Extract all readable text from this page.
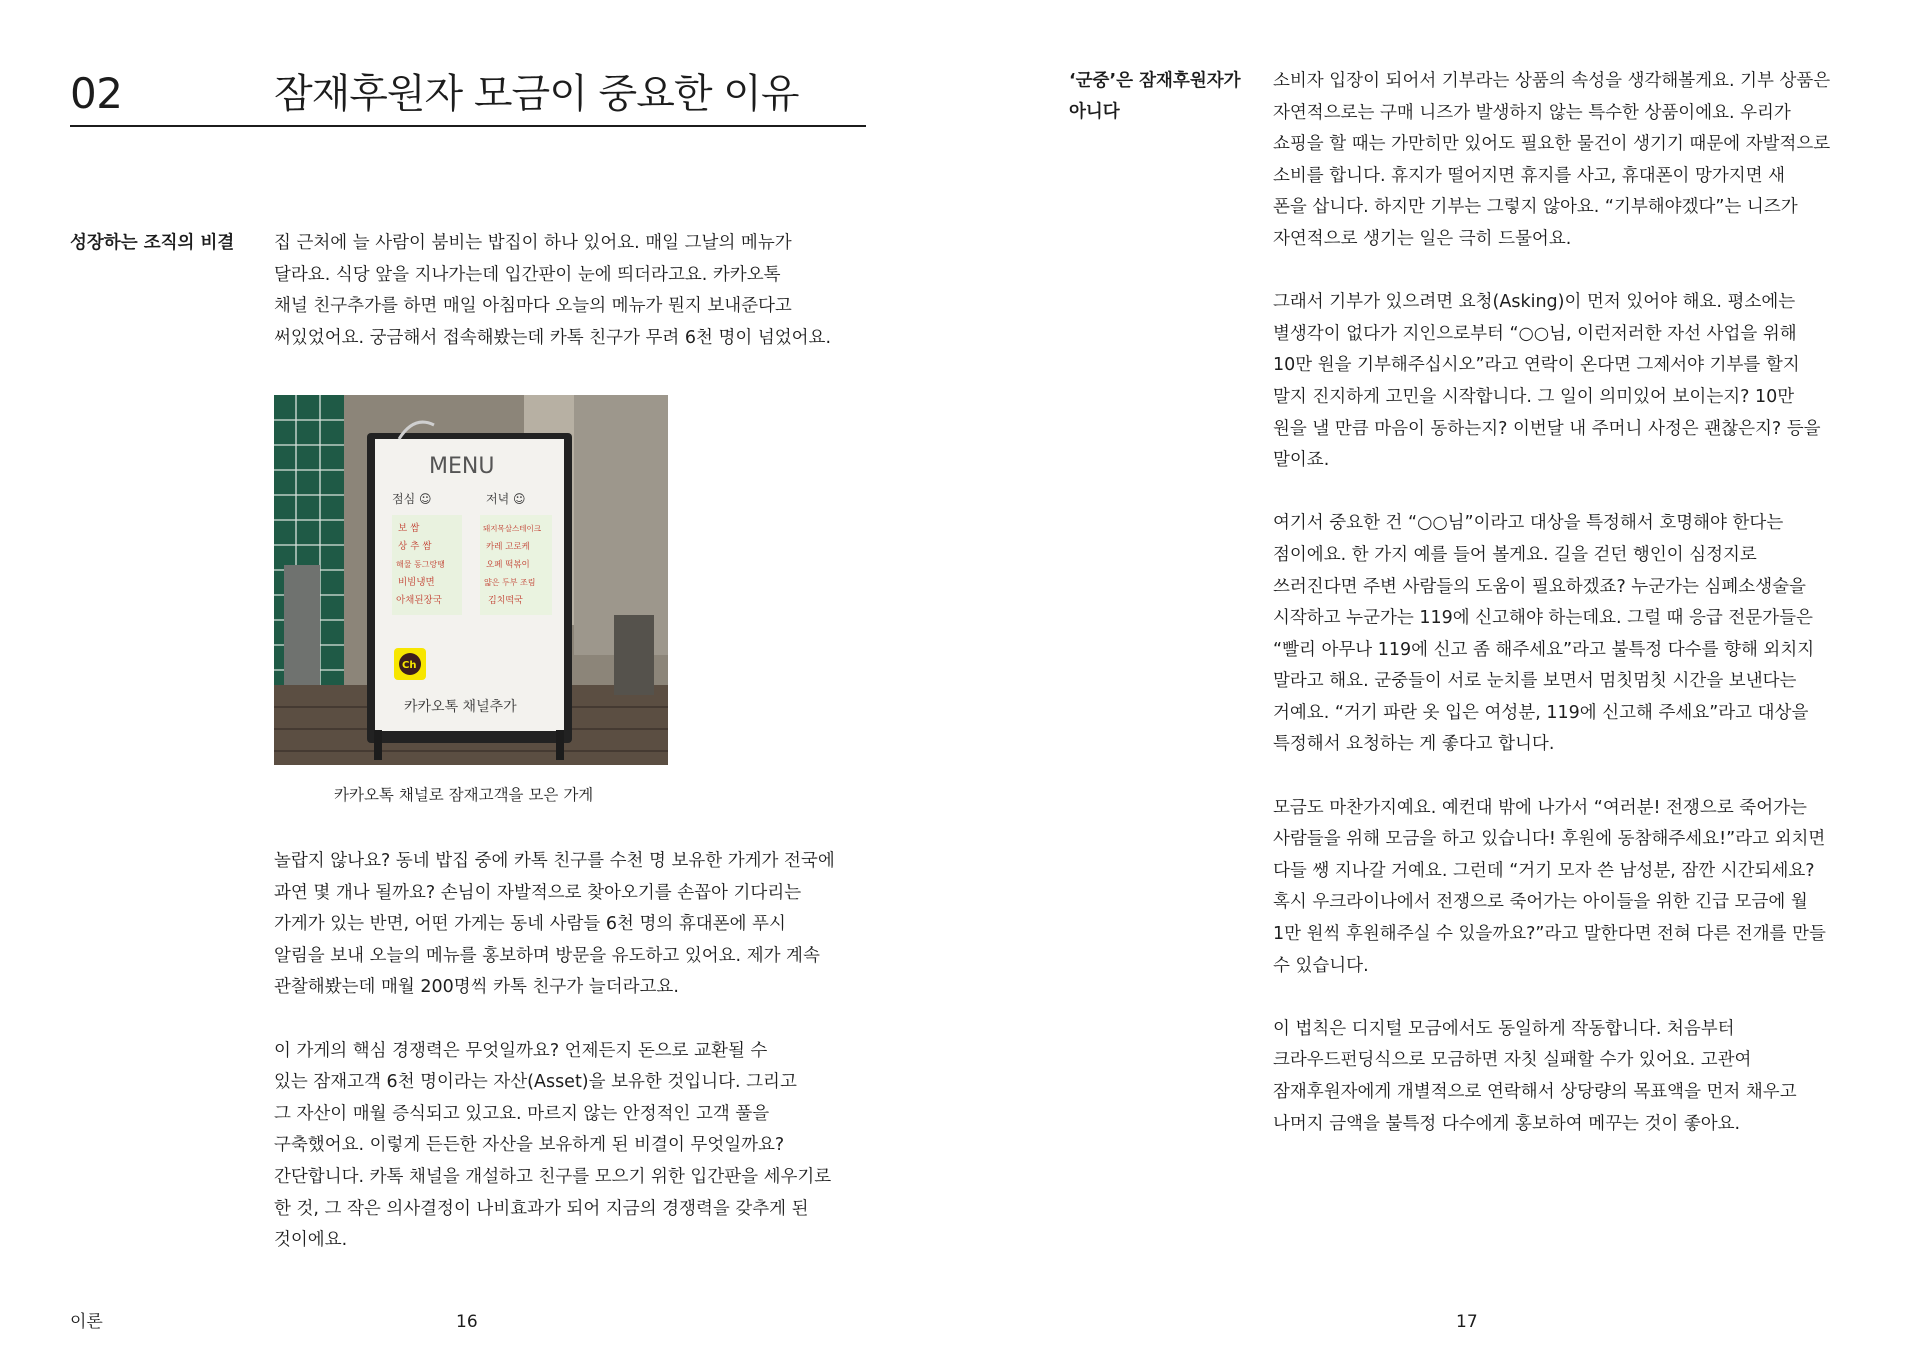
02	잠재후원자 모금이 중요한 이유
성장하는 조직의 비결 집 근처에 늘 사람이 붐비는 밥집이 하나 있어요. 매일 그날의 메뉴가
달라요. 식당 앞을 지나가는데 입간판이 눈에 띄더라고요. 카카오톡
채널 친구추가를 하면 매일 아침마다 오늘의 메뉴가 뭔지 보내준다고
써있었어요. 궁금해서 접속해봤는데 카톡 친구가 무려 6천 명이 넘었어요.
MENU
점심 ☺	저녁 ☺
보 쌈
상 추 쌈
해물 동그랑땡
비빔냉면
아채된장국
돼지목살스테이크
카레 고로케
오페 떡볶이
얇은 두부 조림
김치떡국
Ch
카카오톡 채널추가
카카오톡 채널로 잠재고객을 모은 가게

놀랍지 않나요? 동네 밥집 중에 카톡 친구를 수천 명 보유한 가게가 전국에
과연 몇 개나 될까요? 손님이 자발적으로 찾아오기를 손꼽아 기다리는
가게가 있는 반면, 어떤 가게는 동네 사람들 6천 명의 휴대폰에 푸시
알림을 보내 오늘의 메뉴를 홍보하며 방문을 유도하고 있어요. 제가 계속
관찰해봤는데 매월 200명씩 카톡 친구가 늘더라고요.

이 가게의 핵심 경쟁력은 무엇일까요? 언제든지 돈으로 교환될 수
있는 잠재고객 6천 명이라는 자산(Asset)을 보유한 것입니다. 그리고
그 자산이 매월 증식되고 있고요. 마르지 않는 안정적인 고객 풀을
구축했어요. 이렇게 든든한 자산을 보유하게 된 비결이 무엇일까요?
간단합니다. 카톡 채널을 개설하고 친구를 모으기 위한 입간판을 세우기로
한 것, 그 작은 의사결정이 나비효과가 되어 지금의 경쟁력을 갖추게 된
것이에요.

이론	16
‘군중’은 잠재후원자가
아니다

소비자 입장이 되어서 기부라는 상품의 속성을 생각해볼게요. 기부 상품은
자연적으로는 구매 니즈가 발생하지 않는 특수한 상품이에요. 우리가
쇼핑을 할 때는 가만히만 있어도 필요한 물건이 생기기 때문에 자발적으로
소비를 합니다. 휴지가 떨어지면 휴지를 사고, 휴대폰이 망가지면 새
폰을 삽니다. 하지만 기부는 그렇지 않아요. “기부해야겠다”는 니즈가
자연적으로 생기는 일은 극히 드물어요.

그래서 기부가 있으려면 요청(Asking)이 먼저 있어야 해요. 평소에는
별생각이 없다가 지인으로부터 “○○님, 이런저러한 자선 사업을 위해
10만 원을 기부해주십시오”라고 연락이 온다면 그제서야 기부를 할지
말지 진지하게 고민을 시작합니다. 그 일이 의미있어 보이는지? 10만
원을 낼 만큼 마음이 동하는지? 이번달 내 주머니 사정은 괜찮은지? 등을
말이죠.

여기서 중요한 건 “○○님”이라고 대상을 특정해서 호명해야 한다는
점이에요. 한 가지 예를 들어 볼게요. 길을 걷던 행인이 심정지로
쓰러진다면 주변 사람들의 도움이 필요하겠죠? 누군가는 심폐소생술을
시작하고 누군가는 119에 신고해야 하는데요. 그럴 때 응급 전문가들은
“빨리 아무나 119에 신고 좀 해주세요”라고 불특정 다수를 향해 외치지
말라고 해요. 군중들이 서로 눈치를 보면서 멈칫멈칫 시간을 보낸다는
거예요. “거기 파란 옷 입은 여성분, 119에 신고해 주세요”라고 대상을
특정해서 요청하는 게 좋다고 합니다.

모금도 마찬가지예요. 예컨대 밖에 나가서 “여러분! 전쟁으로 죽어가는
사람들을 위해 모금을 하고 있습니다! 후원에 동참해주세요!”라고 외치면
다들 쌩 지나갈 거예요. 그런데 “거기 모자 쓴 남성분, 잠깐 시간되세요?
혹시 우크라이나에서 전쟁으로 죽어가는 아이들을 위한 긴급 모금에 월
1만 원씩 후원해주실 수 있을까요?”라고 말한다면 전혀 다른 전개를 만들
수 있습니다.

이 법칙은 디지털 모금에서도 동일하게 작동합니다. 처음부터
크라우드펀딩식으로 모금하면 자칫 실패할 수가 있어요. 고관여
잠재후원자에게 개별적으로 연락해서 상당량의 목표액을 먼저 채우고
나머지 금액을 불특정 다수에게 홍보하여 메꾸는 것이 좋아요.

17
